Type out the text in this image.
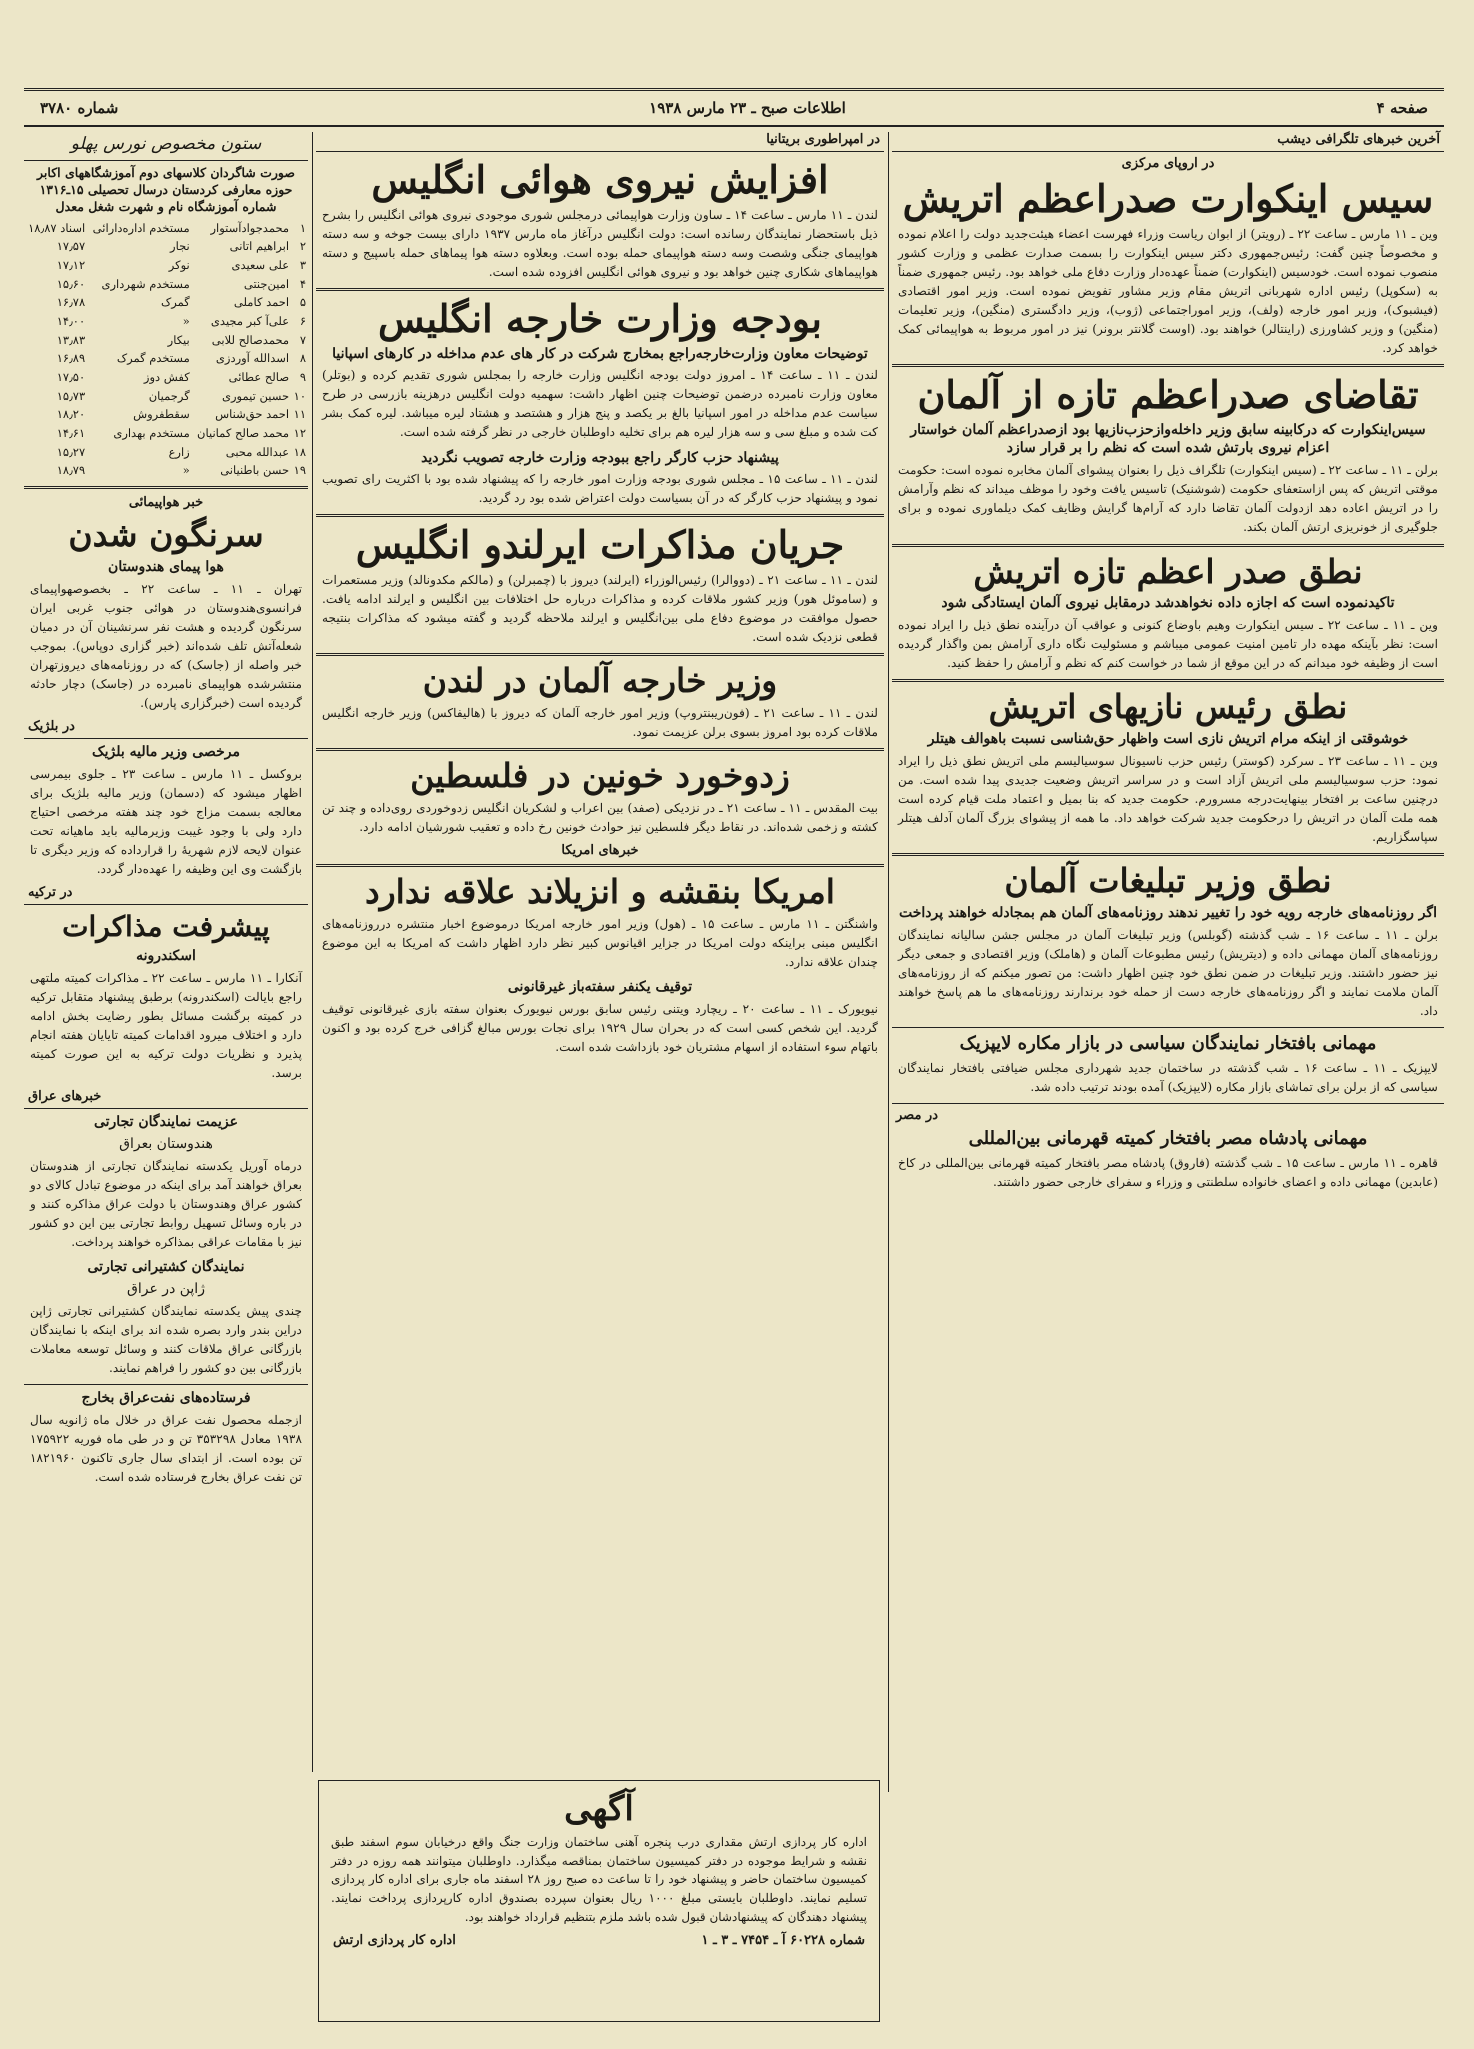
صفحه ۴
اطلاعات صبح ـ ۲۳ مارس ۱۹۳۸
شماره ۳۷۸۰
آخرین خبر‌های تلگرافی دیشب
در اروپای مرکزی
سیس اینکوارت صدراعظم اتریش
وین ـ ۱۱ مارس ـ ساعت ۲۲ ـ (رویتر) از ابوان ریاست وزراء فهرست اعضاء هیئت‌جدید دولت را اعلام نموده و مخصوصاً چنین گفت: رئیس‌جمهوری دکتر سیس اینکوارت را بسمت صدارت عظمی و وزارت کشور منصوب نموده است. خودسیس (اینکوارت) ضمناً عهده‌دار وزارت دفاع ملی خواهد بود. رئیس جمهوری ضمناً به (سکوپل) رئیس اداره شهربانی اتریش مقام وزیر مشاور تفویض نموده است. وزیر امور اقتصادی (فیشبوک)، وزیر امور خارجه (ولف)، وزیر اموراجتماعی (ژوب)، وزیر دادگستری (منگین)، وزیر تعلیمات (منگین) و وزیر کشاورزی (راینتالر) خواهند بود. (اوست گلانتر برونر) نیز در امور مربوط به هواپیمائی کمک خواهد کرد.
تقاضای صدراعظم تازه از آلمان
سیس‌اینکوارت که درکابینه سابق وزیر داخله‌وازحزب‌نازیها بود ازصدراعظم آلمان خواستار اعزام نیروی بارتش شده است که نظم را بر قرار سازد
برلن ـ ۱۱ ـ ساعت ۲۲ ـ (سیس اینکوارت) تلگراف ذیل را بعنوان پیشوای آلمان مخابره نموده است: حکومت موقتی اتریش که پس ازاستعفای حکومت (شوشنیک) تاسیس یافت وخود را موظف میداند که نظم وآرامش را در اتریش اعاده دهد ازدولت آلمان تقاضا دارد که آرام‌ها گرایش وظایف کمک دیلماوری نموده و برای جلوگیری از خونریزی ارتش آلمان بکند.
نطق صدر اعظم تازه اتریش
تاکیدنموده است که اجازه داده نخواهدشد درمقابل نیروی آلمان ایستادگی شود
وین ـ ۱۱ ـ ساعت ۲۲ ـ سیس اینکوارت وهیم باوضاع کنونی و عواقب آن درآینده نطق ذیل را ایراد نموده است: نظر بآینکه مهده دار تامین امنیت عمومی میباشم و مسئولیت نگاه داری آرامش بمن واگذار گردیده است از وظیفه خود میدانم که در این موقع از شما در خواست کنم که نظم و آرامش را حفظ کنید.
نطق رئیس نازیهای اتریش
خوشوقتی از اینکه مرام اتریش نازی است واظهار حق‌شناسی نسبت باهوالف هیتلر
وین ـ ۱۱ ـ ساعت ۲۳ ـ سرکرد (کوستر) رئیس حزب ناسیونال سوسیالیسم ملی اتریش نطق ذیل را ایراد نمود: حزب سوسیالیسم ملی اتریش آزاد است و در سراسر اتریش وضعیت جدیدی پیدا شده است. من درچنین ساعت بر افتخار بینهایت‌درجه مسرورم. حکومت جدید که بنا بمیل و اعتماد ملت قیام کرده است همه ملت آلمان در اتریش را درحکومت جدید شرکت خواهد داد. ما همه از پیشوای بزرگ آلمان آدلف هیتلر سپاسگزاریم.
نطق وزیر تبلیغات آلمان
اگر روزنامه‌های خارجه رویه خود را تغییر ندهند روزنامه‌های آلمان هم بمجادله خواهند پرداخت
برلن ـ ۱۱ ـ ساعت ۱۶ ـ شب گذشته (گوبلس) وزیر تبلیغات آلمان در مجلس جشن سالیانه نمایندگان روزنامه‌های آلمان مهمانی داده و (دیتریش) رئیس مطبوعات آلمان و (هاملک) وزیر اقتصادی و جمعی دیگر نیز حضور داشتند. وزیر تبلیغات در ضمن نطق خود چنین اظهار داشت: من تصور میکنم که از روزنامه‌های آلمان ملامت نمایند و اگر روزنامه‌های خارجه دست از حمله خود برندارند روزنامه‌های ما هم پاسخ خواهند داد.
مهمانی بافتخار نمایندگان سیاسی در بازار مکاره لایپزیک
لایپزیک ـ ۱۱ ـ ساعت ۱۶ ـ شب گذشته در ساختمان جدید شهرداری مجلس ضیافتی بافتخار نمایندگان سیاسی که از برلن برای تماشای بازار مکاره (لایپزیک) آمده بودند ترتیب داده شد.
در مصر
مهمانی پادشاه مصر بافتخار کمیته قهرمانی بین‌المللی
قاهره ـ ۱۱ مارس ـ ساعت ۱۵ ـ شب گذشته (فاروق) پادشاه مصر بافتخار کمیته قهرمانی بین‌المللی در کاخ (عابدین) مهمانی داده و اعضای خانواده سلطنتی و وزراء و سفرای خارجی حضور داشتند.
در امپراطوری بریتانیا
افزایش نیروی هوائی انگلیس
لندن ـ ۱۱ مارس ـ ساعت ۱۴ ـ ساون وزارت هواپیمائی درمجلس شوری موجودی نیروی هوائی انگلیس را بشرح ذیل باستحضار نمایندگان رسانده است: دولت انگلیس درآغاز ماه مارس ۱۹۳۷ دارای بیست جوخه و سه دسته هواپیمای جنگی وشصت وسه دسته هواپیمای حمله بوده است. وبعلاوه دسته هوا پیماهای حمله باسپیج و دسته هواپیماهای شکاری چنین خواهد بود و نیروی هوائی انگلیس افزوده شده است.
بودجه وزارت خارجه انگلیس
توضیحات معاون وزارت‌خارجه‌راجع بمخارج شرکت در کار های عدم مداخله در کار‌های اسپانیا
لندن ـ ۱۱ ـ ساعت ۱۴ ـ امروز دولت بودجه انگلیس وزارت خارجه را بمجلس شوری تقدیم کرده و (بوتلر) معاون وزارت نامبرده درضمن توضیحات چنین اظهار داشت: سهمیه دولت انگلیس درهزینه بازرسی در طرح سیاست عدم مداخله در امور اسپانیا بالغ بر یکصد و پنج هزار و هشتصد و هشتاد لیره میباشد. لیره کمک بشر کت شده و مبلغ سی و سه هزار لیره هم برای تخلیه داوطلبان خارجی در نظر گرفته شده است.
پیشنهاد حزب کارگر راجع ببودجه وزارت خارجه تصویب نگردید
لندن ـ ۱۱ ـ ساعت ۱۵ ـ مجلس شوری بودجه وزارت امور خارجه را که پیشنهاد شده بود با اکثریت رای تصویب نمود و پیشنهاد حزب کارگر که در آن بسیاست دولت اعتراض شده بود رد گردید.
جریان مذاکرات ایرلندو انگلیس
لندن ـ ۱۱ ـ ساعت ۲۱ ـ (دووالرا) رئیس‌الوزراء (ایرلند) دیروز با (چمبرلن) و (مالکم مکدونالد) وزیر مستعمرات و (ساموئل هور) وزیر کشور ملاقات کرده و مذاکرات درباره حل اختلافات بین انگلیس و ایرلند ادامه یافت. حصول موافقت در موضوع دفاع ملی بین‌انگلیس و ایرلند ملاحظه گردید و گفته میشود که مذاکرات بنتیجه قطعی نزدیک شده است.
وزیر خارجه آلمان در لندن
لندن ـ ۱۱ ـ ساعت ۲۱ ـ (فون‌ریبنتروپ) وزیر امور خارجه آلمان که دیروز با (هالیفاکس) وزیر خارجه انگلیس ملاقات کرده بود امروز بسوی برلن عزیمت نمود.
زدوخورد خونین در فلسطین
بیت المقدس ـ ۱۱ ـ ساعت ۲۱ ـ در نزدیکی (صفد) بین اعراب و لشکریان انگلیس زدوخوردی روی‌داده و چند تن کشته و زخمی شده‌اند. در نقاط دیگر فلسطین نیز حوادث خونین رخ داده و تعقیب شورشیان ادامه دارد.
خبرهای امریکا
امریکا بنقشه و انزیلاند علاقه ندارد
واشنگتن ـ ۱۱ مارس ـ ساعت ۱۵ ـ (هول) وزیر امور خارجه امریکا درموضوع اخبار منتشره درروزنامه‌های انگلیس مبنی براینکه دولت امریکا در جزایر اقیانوس کبیر نظر دارد اظهار داشت که امریکا به این موضوع چندان علاقه ندارد.
توقیف یکنفر سفته‌باز غیرقانونی
نیویورک ـ ۱۱ ـ ساعت ۲۰ ـ ریچارد ویتنی رئیس سابق بورس نیویورک بعنوان سفته بازی غیرقانونی توقیف گردید. این شخص کسی است که در بحران سال ۱۹۲۹ برای نجات بورس مبالغ گزافی خرج کرده بود و اکنون باتهام سوء استفاده از اسهام مشتریان خود بازداشت شده است.
ستون مخصوص نورس پهلو
صورت شاگردان کلاسهای دوم آموزشگاههای اکابر حوزه معارفی کردستان درسال تحصیلی ۱۵ـ۱۳۱۶ شماره آموزشگاه نام و شهرت شغل معدل
۱	محمدجوادآستوار	مستخدم اداره‌دارائی	اسناد ۱۸٫۸۷
۲	ابراهیم اتانی	نجار	۱۷٫۵۷
۳	علی سعیدی	نوکر	۱۷٫۱۲
۴	امین‌جنتی	مستخدم شهرداری	۱۵٫۶۰
۵	احمد کاملی	گمرک	۱۶٫۷۸
۶	علی‌آ کبر مجیدی	«	۱۴٫۰۰
۷	محمدصالح للابی	بیکار	۱۳٫۸۳
۸	اسدالله آوردزی	مستخدم گمرک	۱۶٫۸۹
۹	صالح عطائی	کفش دوز	۱۷٫۵۰
۱۰	حسین تیموری	گرجمیان	۱۵٫۷۳
۱۱	احمد حق‌شناس	سقطفروش	۱۸٫۲۰
۱۲	محمد صالح کمانیان	مستخدم بهداری	۱۴٫۶۱
۱۸	عبدالله محبی	زارع	۱۵٫۲۷
۱۹	حسن باطنیانی	«	۱۸٫۷۹
خبر هواپیمائی
سرنگون شدن
هوا پیمای هندوستان
تهران ـ ۱۱ ـ ساعت ۲۲ ـ بخصوصهواپیمای فرانسوی‌هندوستان در هوائی جنوب غربی ایران سرنگون گردیده و هشت نفر سرنشینان آن در دمیان شعله‌آتش تلف شده‌اند (خبر گزاری دوپاس). بموجب خبر واصله از (جاسک) که در روزنامه‌های دیروزتهران منتشرشده هواپیمای نامبرده در (جاسک) دچار حادثه گردیده است (خبرگزاری پارس).
در بلژیک
مرخصی وزیر مالیه بلژیک
بروکسل ـ ۱۱ مارس ـ ساعت ۲۳ ـ جلوی بیمرسی اظهار میشود که (دسمان) وزیر مالیه بلژیک برای معالجه بسمت مزاج خود چند هفته مرخصی احتیاج دارد ولی با وجود غیبت وزیرمالیه باید ماهیانه تحت عنوان لایحه لازم شهر‌یهٔ را قرارداده که وزیر دیگری تا بازگشت وی این وظیفه را عهده‌دار گردد.
در ترکیه
پیشرفت مذاکرات
اسکندرونه
آنکارا ـ ۱۱ مارس ـ ساعت ۲۲ ـ مذاکرات کمیته ملتهی راجع بایالت (اسکندرونه) برطبق پیشنهاد متقابل ترکیه در کمیته برگشت مسائل بطور رضایت بخش ادامه دارد و اختلاف میرود اقدامات کمیته تایایان هفته انجام پذیرد و نظریات دولت ترکیه به این صورت کمیته برسد.
خبرهای عراق
عزیمت نمایندگان تجارتی
هندوستان بعراق
درماه آوریل یکدسته نمایندگان تجارتی از هندوستان بعراق خواهند آمد برای اینکه در موضوع تبادل کالای دو کشور عراق وهندوستان با دولت عراق مذاکره کنند و در باره وسائل تسهیل روابط تجارتی بین این دو کشور نیز با مقامات عراقی بمذاکره خواهند پرداخت.
نمایندگان کشتیرانی تجارتی
ژاپن در عراق
چندی پیش یکدسته نمایندگان کشتیرانی تجارتی ژاپن دراین بندر وارد بصره شده اند برای اینکه با نمایندگان بازرگانی عراق ملاقات کنند و وسائل توسعه معاملات بازرگانی بین دو کشور را فراهم نمایند.
فرستاده‌های نفت‌عراق بخارج
ازجمله محصول نفت عراق در خلال ماه ژانویه سال ۱۹۳۸ معادل ۳۵۳۲۹۸ تن و در طی ماه فوریه ۱۷۵۹۲۲ تن بوده است. از ابتدای سال جاری تاکنون ۱۸۲۱۹۶۰ تن نفت عراق بخارج فرستاده شده است.
آگهی
اداره کار پردازی ارتش مقداری درب پنجره آهنی ساختمان وزارت جنگ واقع درخیابان سوم اسفند طبق نقشه و شرایط موجوده در دفتر کمیسیون ساختمان بمناقصه میگذارد. داوطلبان میتوانند همه روزه در دفتر کمیسیون ساختمان حاضر و پیشنهاد خود را تا ساعت ده صبح روز ۲۸ اسفند ماه جاری برای اداره کار پردازی تسلیم نمایند. داوطلبان بایستی مبلغ ۱۰۰۰ ریال بعنوان سپرده بصندوق اداره کارپردازی پرداخت نمایند. پیشنهاد دهندگان که پیشنهادشان قبول شده باشد ملزم بتنظیم قرارداد خواهند بود.
شماره ۶۰۲۲۸ آ ـ ۷۴۵۴ ـ ۳ ـ ۱
اداره کار پردازی ارتش
